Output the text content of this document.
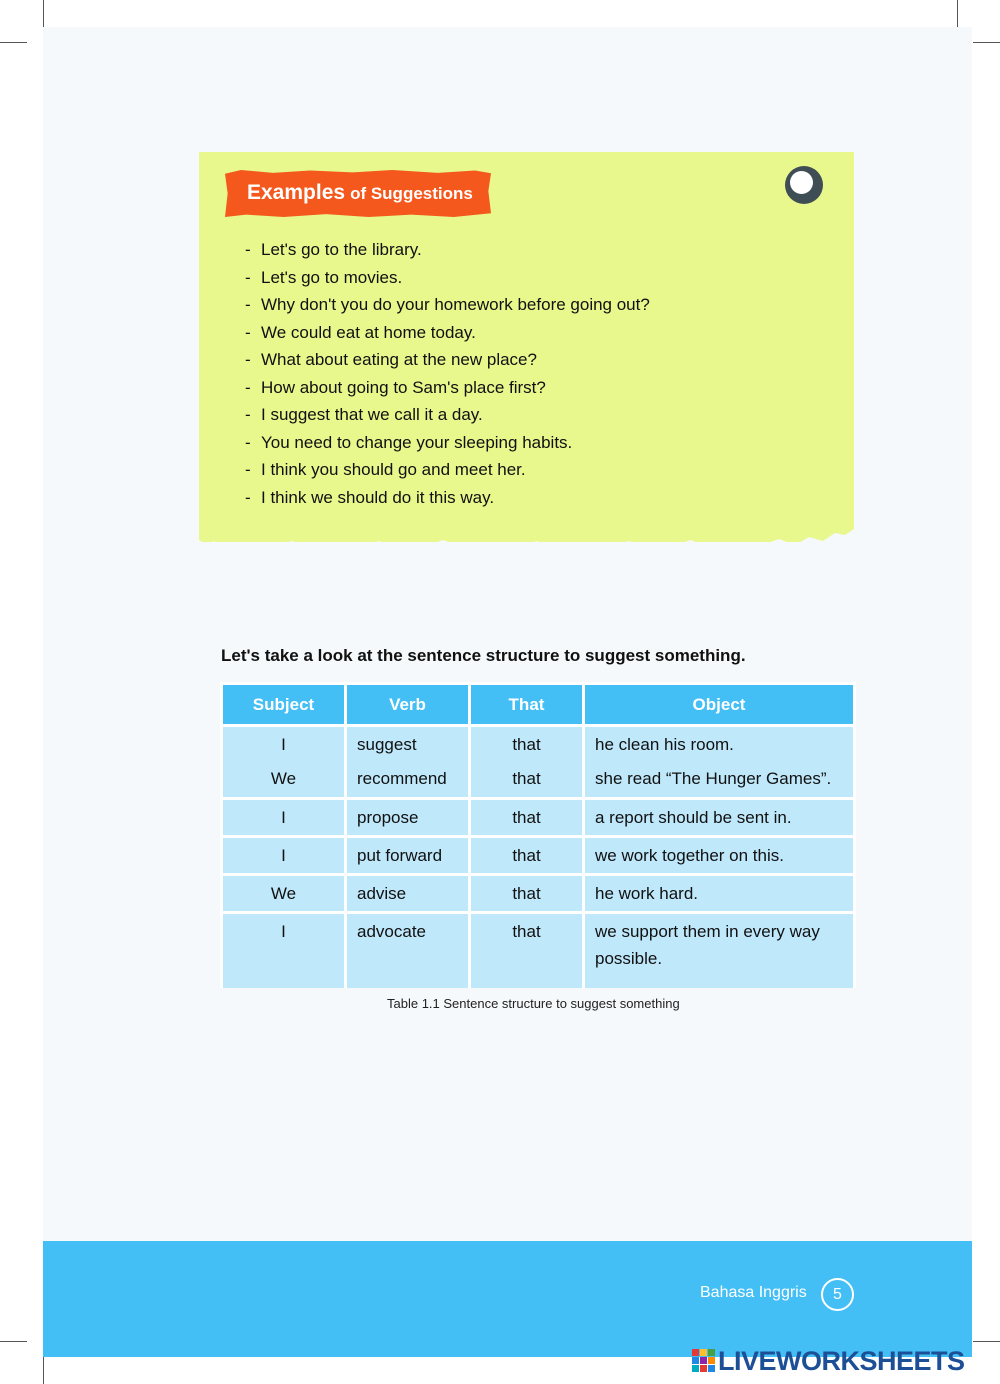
Examples of Suggestions
- Let's go to the library.
- Let's go to movies.
- Why don't you do your homework before going out?
- We could eat at home today.
- What about eating at the new place?
- How about going to Sam's place first?
- I suggest that we call it a day.
- You need to change your sleeping habits.
- I think you should go and meet her.
- I think we should do it this way.
Let's take a look at the sentence structure to suggest something.
Subject	Verb	That	Object
I	suggest	that	he clean his room.
We	recommend	that	she read “The Hunger Games”.
I	propose	that	a report should be sent in.
I	put forward	that	we work together on this.
We	advise	that	he work hard.
I	advocate	that	we support them in every way possible.
Table 1.1 Sentence structure to suggest something
Bahasa Inggris	5
LIVEWORKSHEETS
